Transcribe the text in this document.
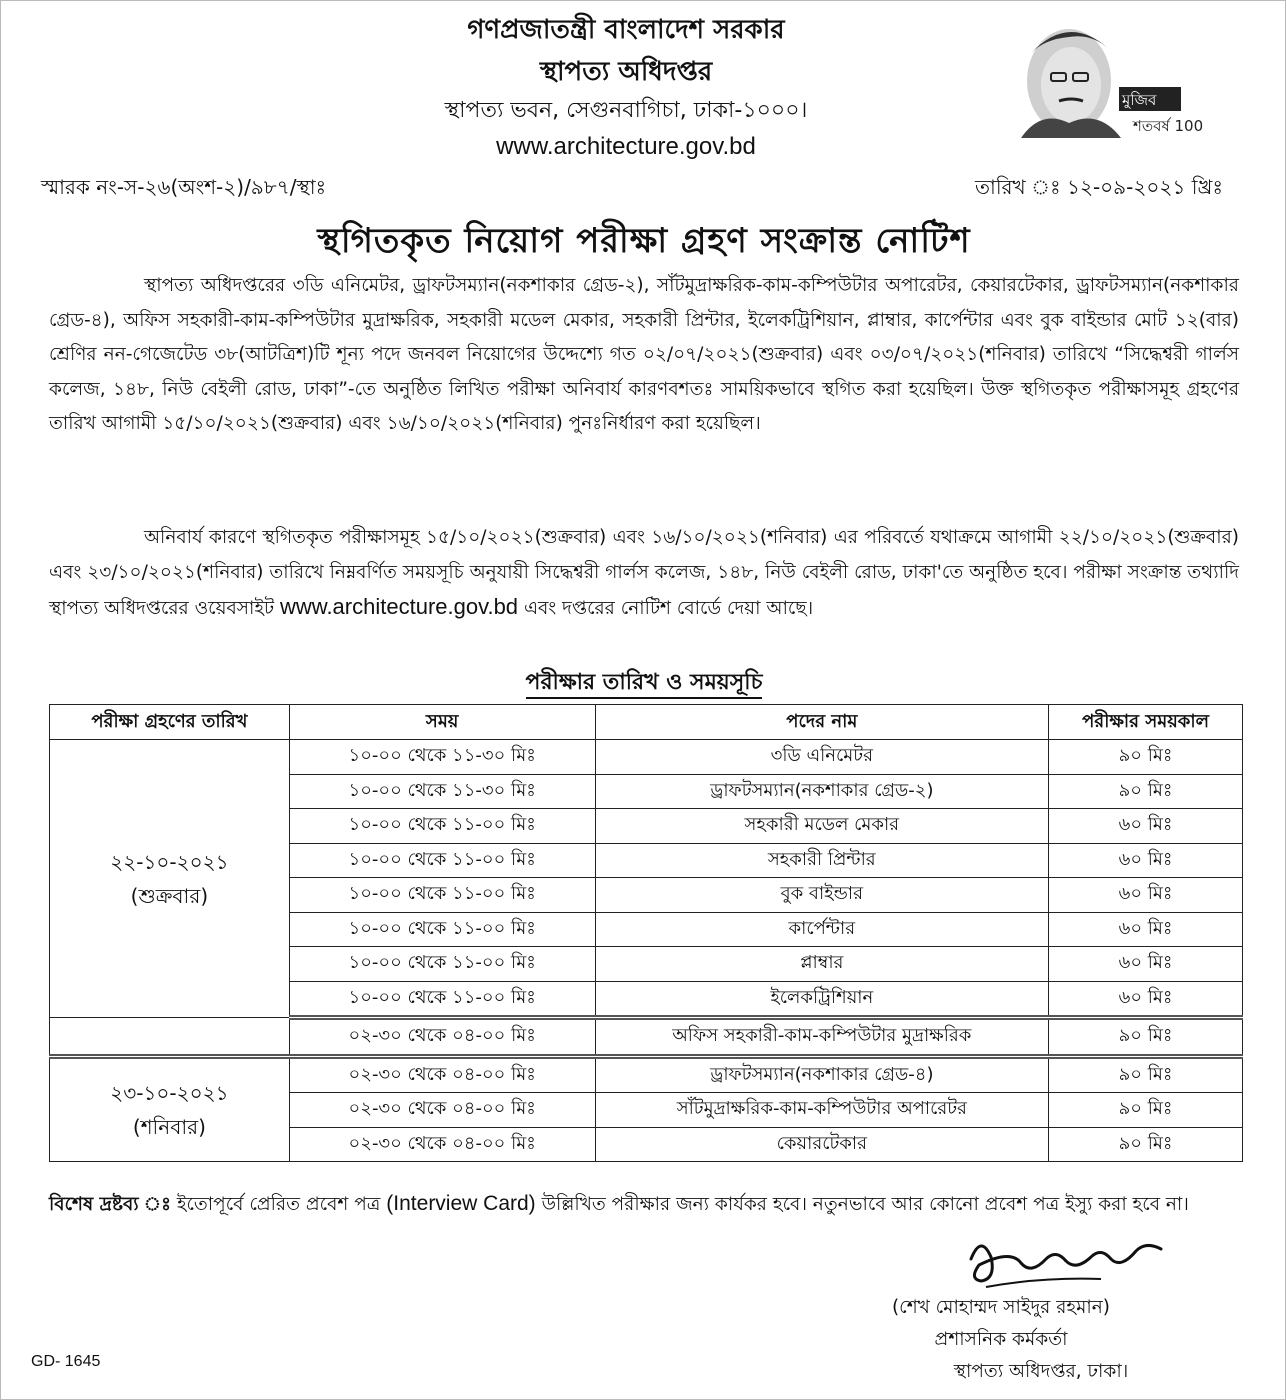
গণপ্রজাতন্ত্রী বাংলাদেশ সরকার
স্থাপত্য অধিদপ্তর
স্থাপত্য ভবন, সেগুনবাগিচা, ঢাকা-১০০০।
www.architecture.gov.bd
মুজিব
শতবর্ষ 100
স্মারক নং-স-২৬(অংশ-২)/৯৮৭/স্থাঃ	তারিখ ঃ ১২-০৯-২০২১ খ্রিঃ
স্থগিতকৃত নিয়োগ পরীক্ষা গ্রহণ সংক্রান্ত নোটিশ
স্থাপত্য অধিদপ্তরের ৩ডি এনিমেটর, ড্রাফটসম্যান(নকশাকার গ্রেড-২), সাঁটমুদ্রাক্ষরিক-কাম-কম্পিউটার অপারেটর, কেয়ারটেকার, ড্রাফটসম্যান(নকশাকার গ্রেড-৪), অফিস সহকারী-কাম-কম্পিউটার মুদ্রাক্ষরিক, সহকারী মডেল মেকার, সহকারী প্রিন্টার, ইলেকট্রিশিয়ান, প্লাম্বার, কার্পেন্টার এবং বুক বাইন্ডার মোট ১২(বার) শ্রেণির নন-গেজেটেড ৩৮(আটত্রিশ)টি শূন্য পদে জনবল নিয়োগের উদ্দেশ্যে গত ০২/০৭/২০২১(শুক্রবার) এবং ০৩/০৭/২০২১(শনিবার) তারিখে “সিদ্ধেশ্বরী গার্লস কলেজ, ১৪৮, নিউ বেইলী রোড, ঢাকা”-তে অনুষ্ঠিত লিখিত পরীক্ষা অনিবার্য কারণবশতঃ সাময়িকভাবে স্থগিত করা হয়েছিল। উক্ত স্থগিতকৃত পরীক্ষাসমূহ গ্রহণের তারিখ আগামী ১৫/১০/২০২১(শুক্রবার) এবং ১৬/১০/২০২১(শনিবার) পুনঃনির্ধারণ করা হয়েছিল।
অনিবার্য কারণে স্থগিতকৃত পরীক্ষাসমূহ ১৫/১০/২০২১(শুক্রবার) এবং ১৬/১০/২০২১(শনিবার) এর পরিবর্তে যথাক্রমে আগামী ২২/১০/২০২১(শুক্রবার) এবং ২৩/১০/২০২১(শনিবার) তারিখে নিম্নবর্ণিত সময়সূচি অনুযায়ী সিদ্ধেশ্বরী গার্লস কলেজ, ১৪৮, নিউ বেইলী রোড, ঢাকা'তে অনুষ্ঠিত হবে। পরীক্ষা সংক্রান্ত তথ্যাদি স্থাপত্য অধিদপ্তরের ওয়েবসাইট www.architecture.gov.bd এবং দপ্তরের নোটিশ বোর্ডে দেয়া আছে।
পরীক্ষার তারিখ ও সময়সূচি
পরীক্ষা গ্রহণের তারিখ	সময়	পদের নাম	পরীক্ষার সময়কাল

২২-১০-২০২১
(শুক্রবার)	১০-০০ থেকে ১১-৩০ মিঃ	৩ডি এনিমেটর	৯০ মিঃ
	১০-০০ থেকে ১১-৩০ মিঃ	ড্রাফটসম্যান(নকশাকার গ্রেড-২)	৯০ মিঃ
	১০-০০ থেকে ১১-০০ মিঃ	সহকারী মডেল মেকার	৬০ মিঃ
	১০-০০ থেকে ১১-০০ মিঃ	সহকারী প্রিন্টার	৬০ মিঃ
	১০-০০ থেকে ১১-০০ মিঃ	বুক বাইন্ডার	৬০ মিঃ
	১০-০০ থেকে ১১-০০ মিঃ	কার্পেন্টার	৬০ মিঃ
	১০-০০ থেকে ১১-০০ মিঃ	প্লাম্বার	৬০ মিঃ
	১০-০০ থেকে ১১-০০ মিঃ	ইলেকট্রিশিয়ান	৬০ মিঃ
	০২-৩০ থেকে ০৪-০০ মিঃ	অফিস সহকারী-কাম-কম্পিউটার মুদ্রাক্ষরিক	৯০ মিঃ

২৩-১০-২০২১
(শনিবার)	০২-৩০ থেকে ০৪-০০ মিঃ	ড্রাফটসম্যান(নকশাকার গ্রেড-৪)	৯০ মিঃ
	০২-৩০ থেকে ০৪-০০ মিঃ	সাঁটমুদ্রাক্ষরিক-কাম-কম্পিউটার অপারেটর	৯০ মিঃ
	০২-৩০ থেকে ০৪-০০ মিঃ	কেয়ারটেকার	৯০ মিঃ
বিশেষ দ্রষ্টব্য ঃ ইতোপূর্বে প্রেরিত প্রবেশ পত্র (Interview Card) উল্লিখিত পরীক্ষার জন্য কার্যকর হবে। নতুনভাবে আর কোনো প্রবেশ পত্র ইস্যু করা হবে না।
(শেখ মোহাম্মদ সাইদুর রহমান)
প্রশাসনিক কর্মকর্তা
স্থাপত্য অধিদপ্তর, ঢাকা।
GD- 1645
